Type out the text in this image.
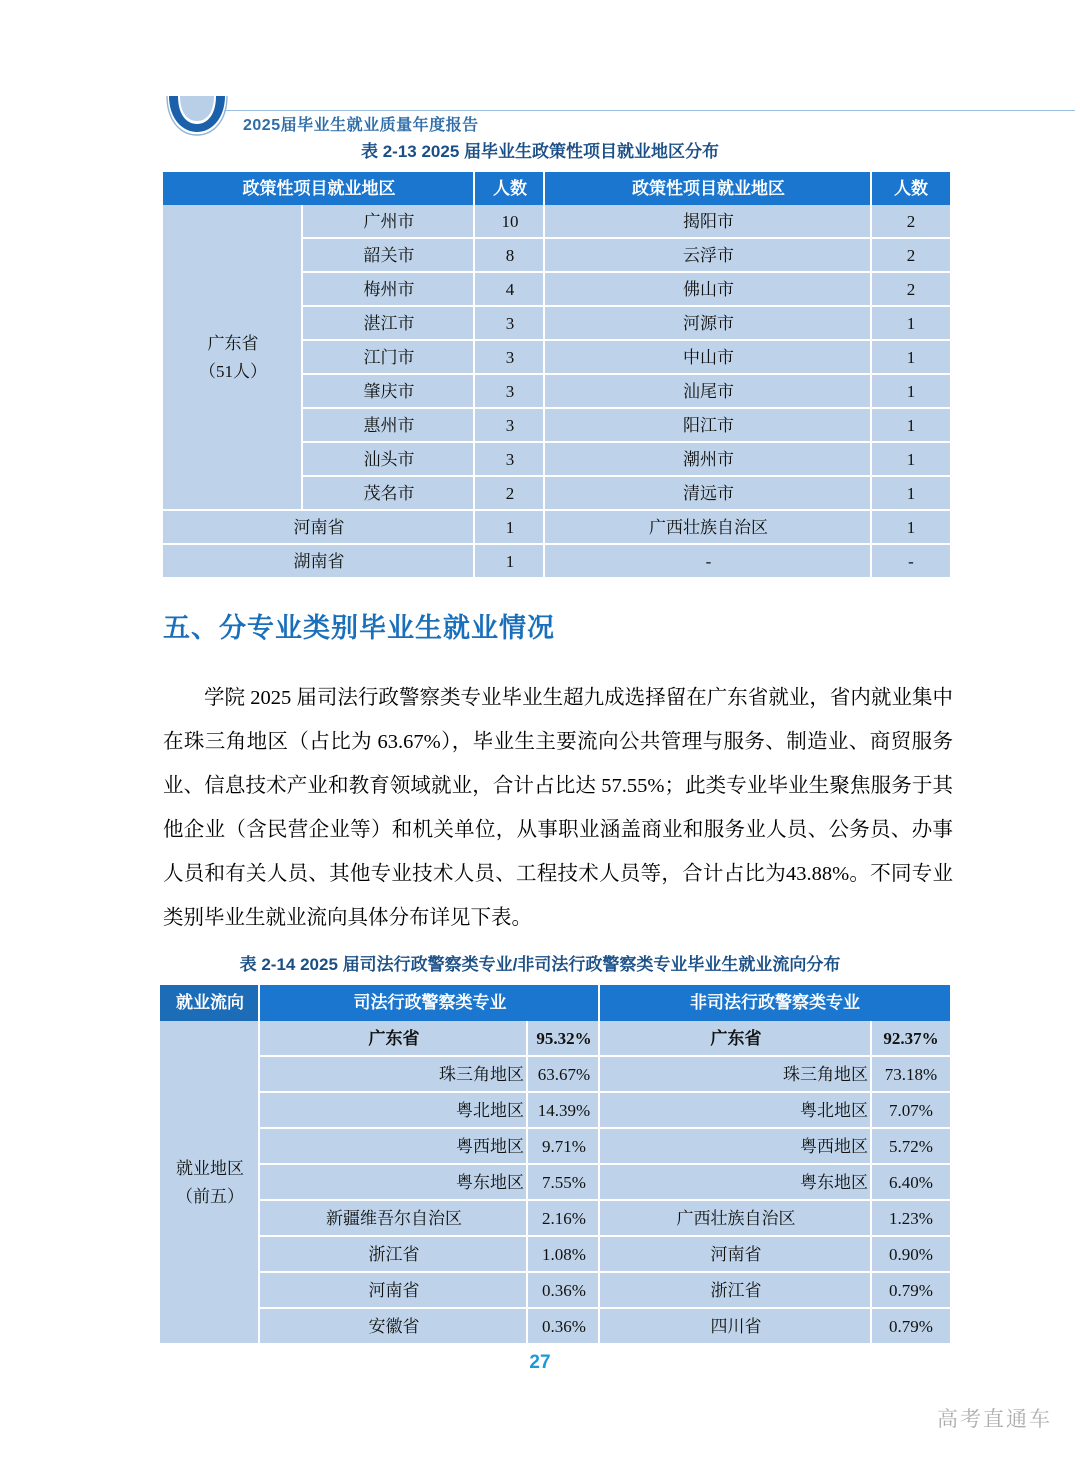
2025届毕业生就业质量年度报告
表 2-13 2025 届毕业生政策性项目就业地区分布
政策性项目就业地区		人数	政策性项目就业地区	人数
广东省
（51人）	广州市	10	揭阳市	2
	韶关市	8	云浮市	2
	梅州市	4	佛山市	2
	湛江市	3	河源市	1
	江门市	3	中山市	1
	肇庆市	3	汕尾市	1
	惠州市	3	阳江市	1
	汕头市	3	潮州市	1
	茂名市	2	清远市	1
河南省		1	广西壮族自治区	1
湖南省		1	-	-
五、分专业类别毕业生就业情况
学院 2025 届司法行政警察类专业毕业生超九成选择留在广东省就业，省内就业集中在珠三角地区（占比为 63.67%），毕业生主要流向公共管理与服务、制造业、商贸服务业、信息技术产业和教育领域就业，合计占比达 57.55%；此类专业毕业生聚焦服务于其他企业（含民营企业等）和机关单位，从事职业涵盖商业和服务业人员、公务员、办事人员和有关人员、其他专业技术人员、工程技术人员等，合计占比为43.88%。不同专业类别毕业生就业流向具体分布详见下表。
表 2-14 2025 届司法行政警察类专业/非司法行政警察类专业毕业生就业流向分布
就业流向	司法行政警察类专业		非司法行政警察类专业	
就业地区
（前五）	广东省	95.32%	广东省	92.37%
	珠三角地区	63.67%	珠三角地区	73.18%
	粤北地区	14.39%	粤北地区	7.07%
	粤西地区	9.71%	粤西地区	5.72%
	粤东地区	7.55%	粤东地区	6.40%
	新疆维吾尔自治区	2.16%	广西壮族自治区	1.23%
	浙江省	1.08%	河南省	0.90%
	河南省	0.36%	浙江省	0.79%
	安徽省	0.36%	四川省	0.79%
27
高考直通车
